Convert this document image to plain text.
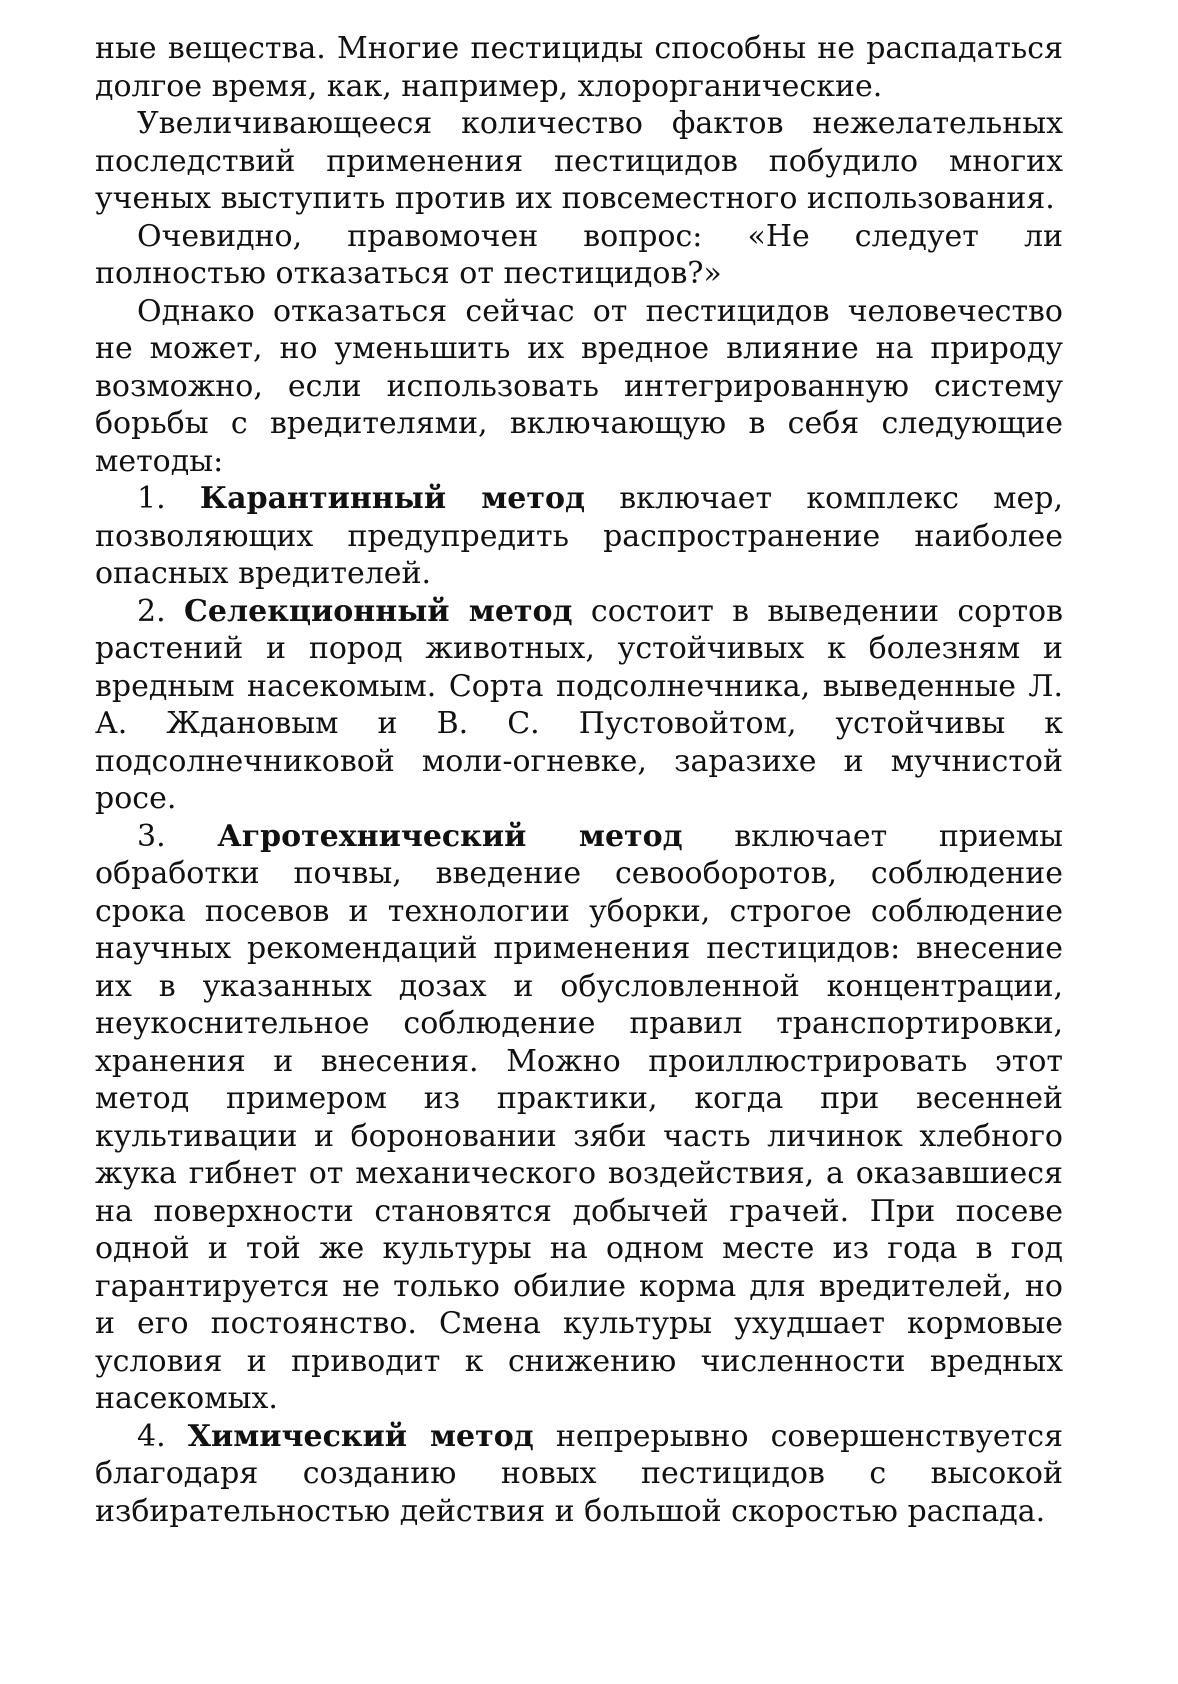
ные вещества. Многие пестициды способны не распадаться долгое время, как, например, хлорорганические.

Увеличивающееся количество фактов нежелательных последствий применения пестицидов побудило многих ученых выступить против их повсеместного использования.

Очевидно, правомочен вопрос: «Не следует ли полностью отказаться от пестицидов?»

Однако отказаться сейчас от пестицидов человечество не может, но уменьшить их вредное влияние на природу возможно, если использовать интегрированную систему борьбы с вредителями, включающую в себя следующие методы:

1. Карантинный метод включает комплекс мер, позволяющих предупредить распространение наиболее опасных вредителей.

2. Селекционный метод состоит в выведении сортов растений и пород животных, устойчивых к болезням и вредным насекомым. Сорта подсолнечника, выведенные Л. А. Ждановым и В. С. Пустовойтом, устойчивы к подсолнечниковой моли-огневке, заразихе и мучнистой росе.

3. Агротехнический метод включает приемы обработки почвы, введение севооборотов, соблюдение срока посевов и технологии уборки, строгое соблюдение научных рекомендаций применения пестицидов: внесение их в указанных дозах и обусловленной концентрации, неукоснительное соблюдение правил транспортировки, хранения и внесения. Можно проиллюстрировать этот метод примером из практики, когда при весенней культивации и бороновании зяби часть личинок хлебного жука гибнет от механического воздействия, а оказавшиеся на поверхности становятся добычей грачей. При посеве одной и той же культуры на одном месте из года в год гарантируется не только обилие корма для вредителей, но и его постоянство. Смена культуры ухудшает кормовые условия и приводит к снижению численности вредных насекомых.

4. Химический метод непрерывно совершенствуется благодаря созданию новых пестицидов с высокой избирательностью действия и большой скоростью распада.
